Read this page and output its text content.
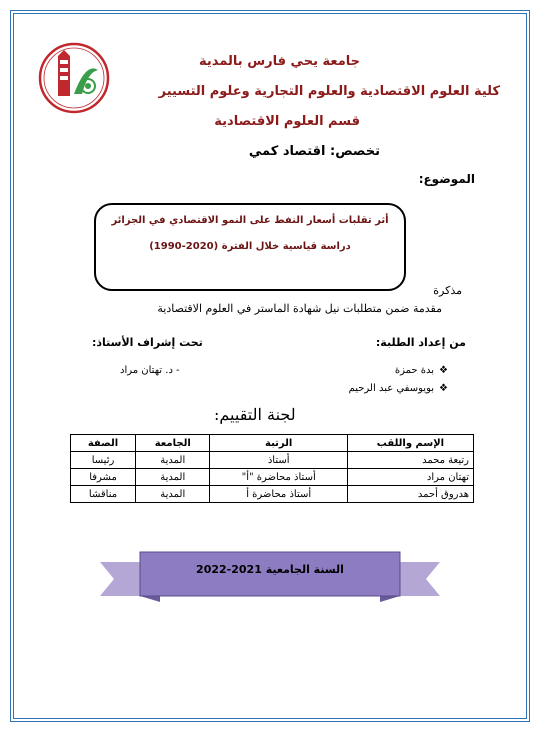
جامعة يحي فارس بالمدية
كلية العلوم الاقتصادية والعلوم التجارية وعلوم التسيير
قسم العلوم الاقتصادية
تخصص: اقتصاد كمي
الموضوع:
أثر تقلبات أسعار النفط على النمو الاقتصادي في الجزائر
دراسة قياسية خلال الفترة (2020-1990)
مذكرة
مقدمة ضمن متطلبات نيل شهادة الماستر في العلوم الاقتصادية
من إعداد الطلبة:
تحت إشراف الأستاذ:
❖بدة حمزة
❖بويوسفي عبد الرحيم
- د. تهتان مراد
لجنة التقييم:
الإسم واللقب	الرتبة	الجامعة	الصفة
رتيعة محمد	أستاذ	المدية	رئيسا
تهتان مراد	أستاذ محاضرة "أ"	المدية	مشرفا
هدروق أحمد	أستاذ محاضرة أ	المدية	مناقشا
السنة الجامعية 2021-2022
